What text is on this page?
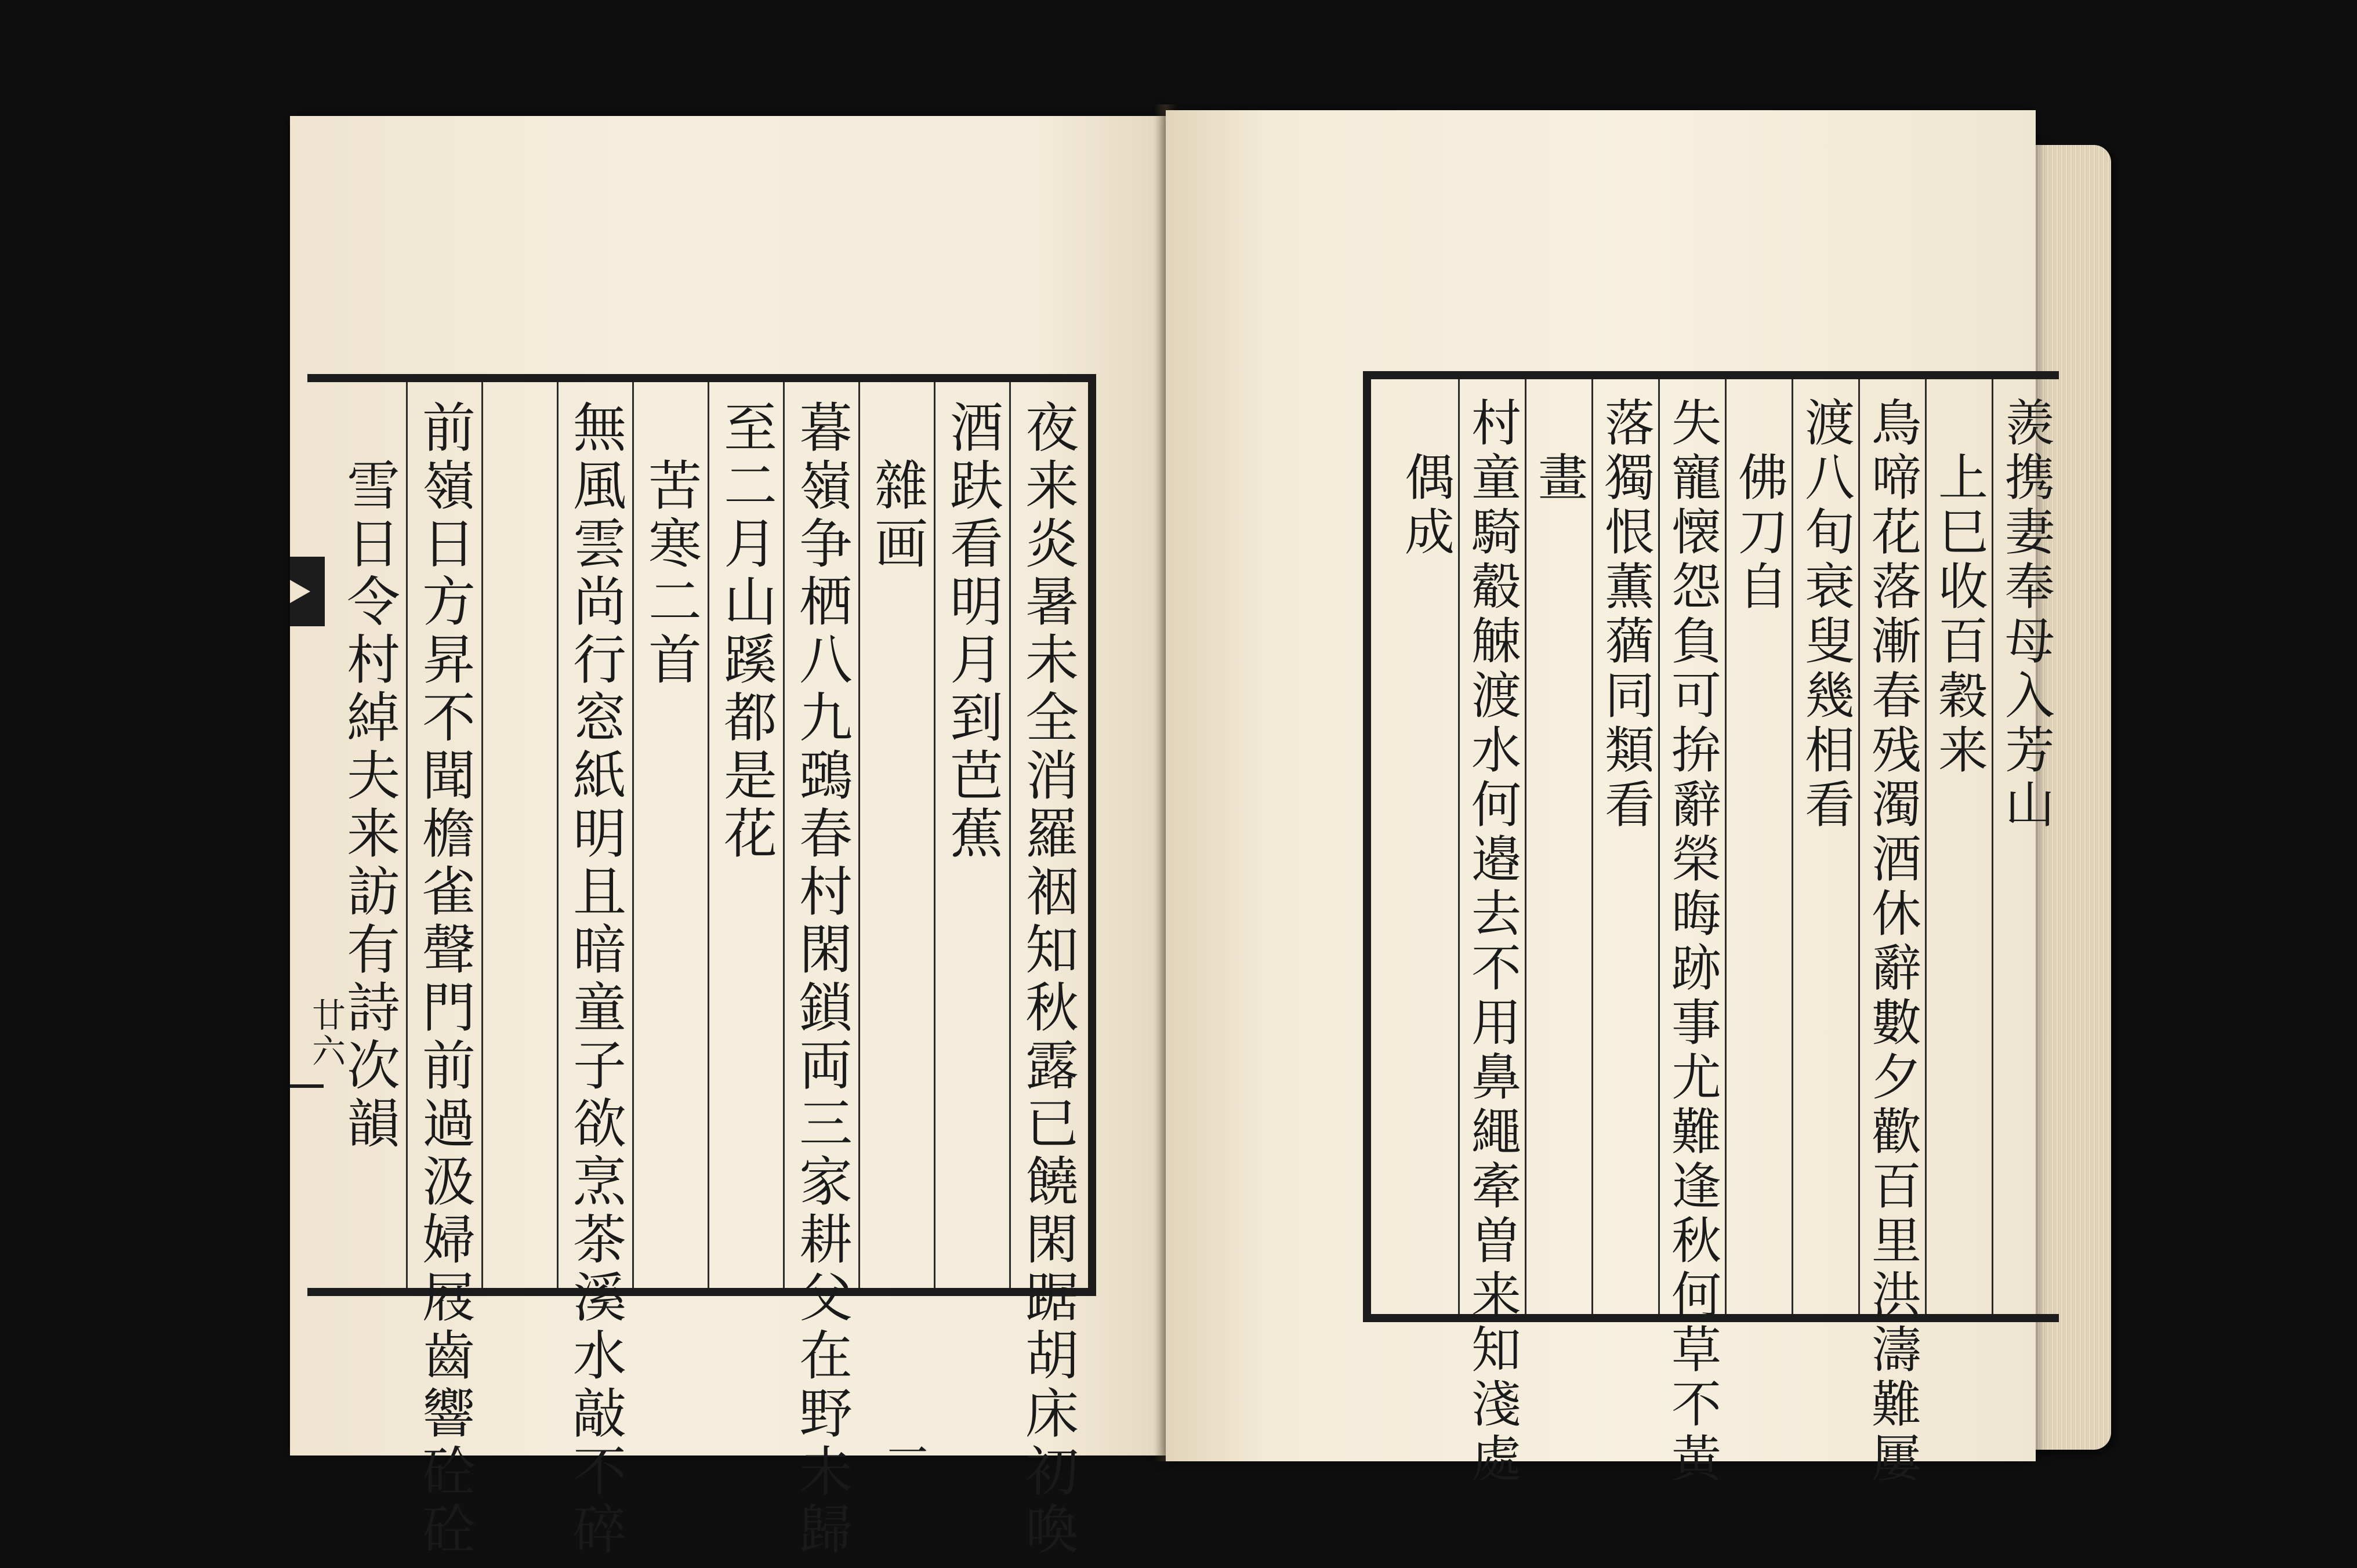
廿六	夜来炎暑未全消羅裀知秋露已饒閑踞胡床初喚
酒趺看明月到芭蕉
　雜画
暮嶺争栖八九鵶春村閑鎖両三家耕父在野未歸
至二月山蹊都是花
　苦寒二首
無風雲尚行窓紙明且暗童子欲烹茶溪水敲不碎
前嶺日方昇不聞檐雀聲門前過汲婦屐齒響砼砼
　雪日令村綽夫来訪有詩次韻	羨携妻奉母入芳山
　上巳收百穀来
鳥啼花落漸春残濁酒休辭數夕歡百里洪濤難屢
渡八旬衰叟幾相看
　佛刀自
失寵懐怨負可拚辭榮晦跡事尤難逢秋何草不黃
落獨恨薫蕕同類看
　畫
村童騎觳觫渡水何邉去不用鼻繩牽曽来知淺處
　偶成
一
